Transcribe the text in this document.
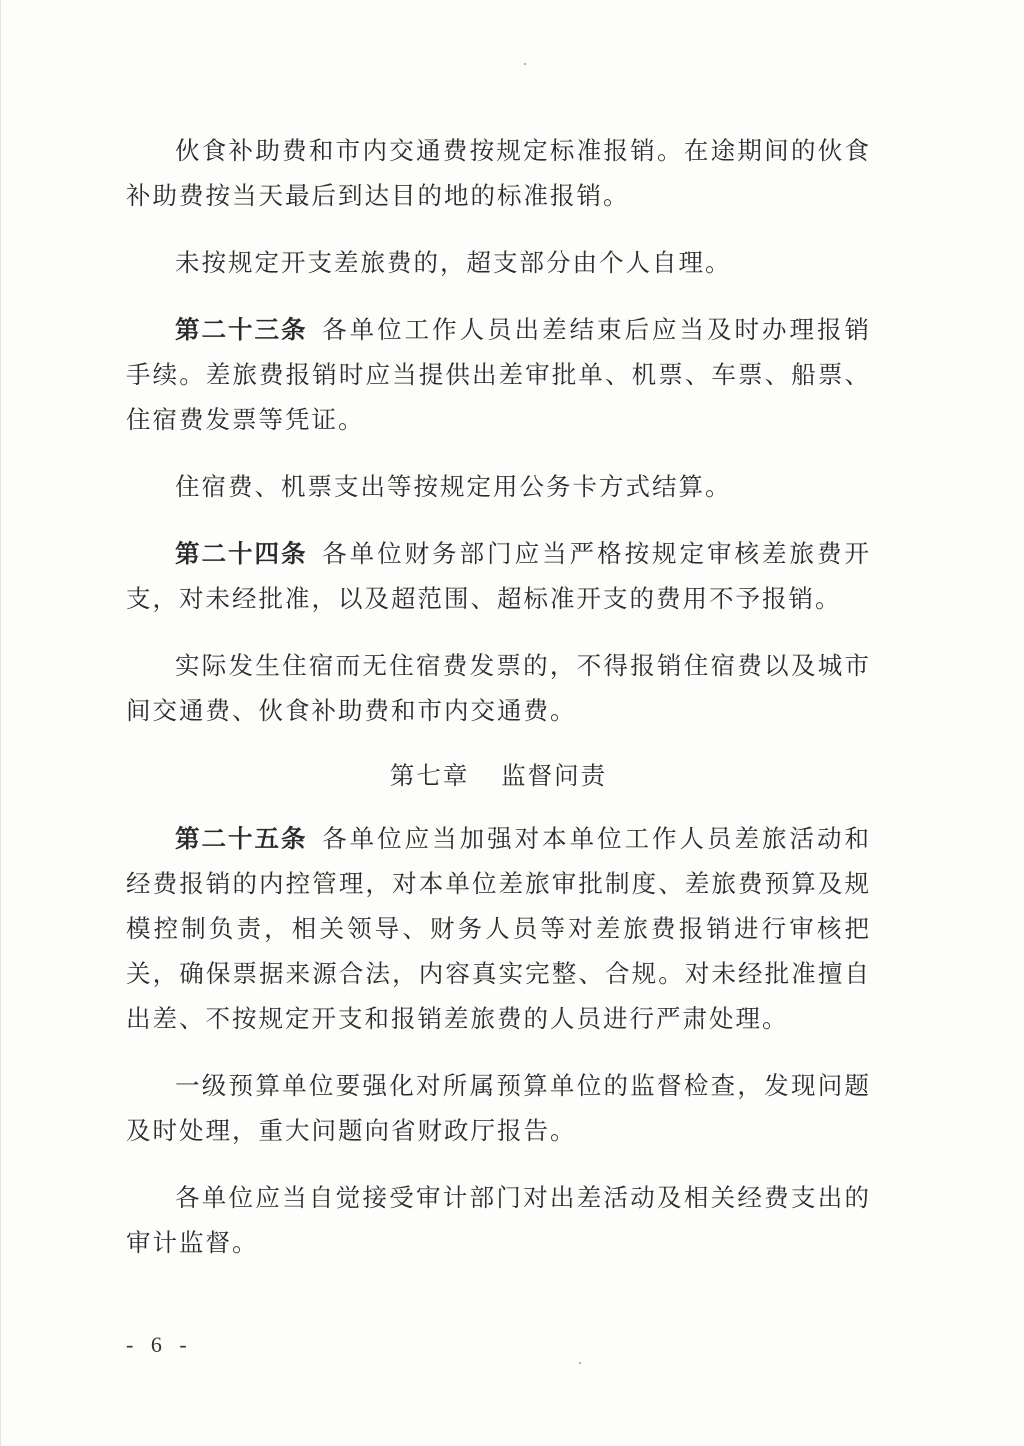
伙食补助费和市内交通费按规定标准报销。在途期间的伙食补助费按当天最后到达目的地的标准报销。

未按规定开支差旅费的，超支部分由个人自理。

第二十三条 各单位工作人员出差结束后应当及时办理报销手续。差旅费报销时应当提供出差审批单、机票、车票、船票、住宿费发票等凭证。

住宿费、机票支出等按规定用公务卡方式结算。

第二十四条 各单位财务部门应当严格按规定审核差旅费开支，对未经批准，以及超范围、超标准开支的费用不予报销。

实际发生住宿而无住宿费发票的，不得报销住宿费以及城市间交通费、伙食补助费和市内交通费。

第七章 监督问责

第二十五条 各单位应当加强对本单位工作人员差旅活动和经费报销的内控管理，对本单位差旅审批制度、差旅费预算及规模控制负责，相关领导、财务人员等对差旅费报销进行审核把关，确保票据来源合法，内容真实完整、合规。对未经批准擅自出差、不按规定开支和报销差旅费的人员进行严肃处理。

一级预算单位要强化对所属预算单位的监督检查，发现问题及时处理，重大问题向省财政厅报告。

各单位应当自觉接受审计部门对出差活动及相关经费支出的审计监督。

- 6 -
